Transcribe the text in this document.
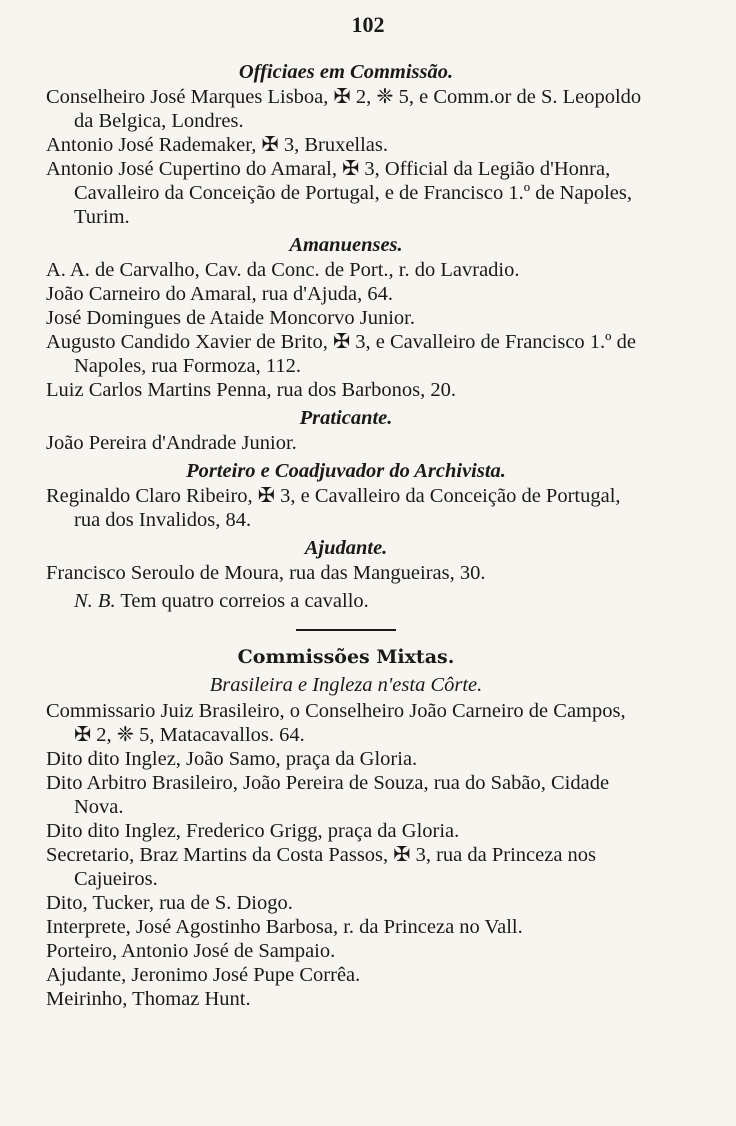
102
Officiaes em Commissão.
Conselheiro José Marques Lisboa, ✠ 2, ❈ 5, e Comm.or de S. Leopoldo da Belgica, Londres.
Antonio José Rademaker, ✠ 3, Bruxellas.
Antonio José Cupertino do Amaral, ✠ 3, Official da Legião d'Honra, Cavalleiro da Conceição de Portugal, e de Francisco 1.º de Napoles, Turim.
Amanuenses.
A. A. de Carvalho, Cav. da Conc. de Port., r. do Lavradio.
João Carneiro do Amaral, rua d'Ajuda, 64.
José Domingues de Ataide Moncorvo Junior.
Augusto Candido Xavier de Brito, ✠ 3, e Cavalleiro de Francisco 1.º de Napoles, rua Formoza, 112.
Luiz Carlos Martins Penna, rua dos Barbonos, 20.
Praticante.
João Pereira d'Andrade Junior.
Porteiro e Coadjuvador do Archivista.
Reginaldo Claro Ribeiro, ✠ 3, e Cavalleiro da Conceição de Portugal, rua dos Invalidos, 84.
Ajudante.
Francisco Seroulo de Moura, rua das Mangueiras, 30.
N. B. Tem quatro correios a cavallo.
Commissões Mixtas.
Brasileira e Ingleza n'esta Côrte.
Commissario Juiz Brasileiro, o Conselheiro João Carneiro de Campos, ✠ 2, ❈ 5, Matacavallos. 64.
Dito dito Inglez, João Samo, praça da Gloria.
Dito Arbitro Brasileiro, João Pereira de Souza, rua do Sabão, Cidade Nova.
Dito dito Inglez, Frederico Grigg, praça da Gloria.
Secretario, Braz Martins da Costa Passos, ✠ 3, rua da Princeza nos Cajueiros.
Dito, Tucker, rua de S. Diogo.
Interprete, José Agostinho Barbosa, r. da Princeza no Vall.
Porteiro, Antonio José de Sampaio.
Ajudante, Jeronimo José Pupe Corrêa.
Meirinho, Thomaz Hunt.
